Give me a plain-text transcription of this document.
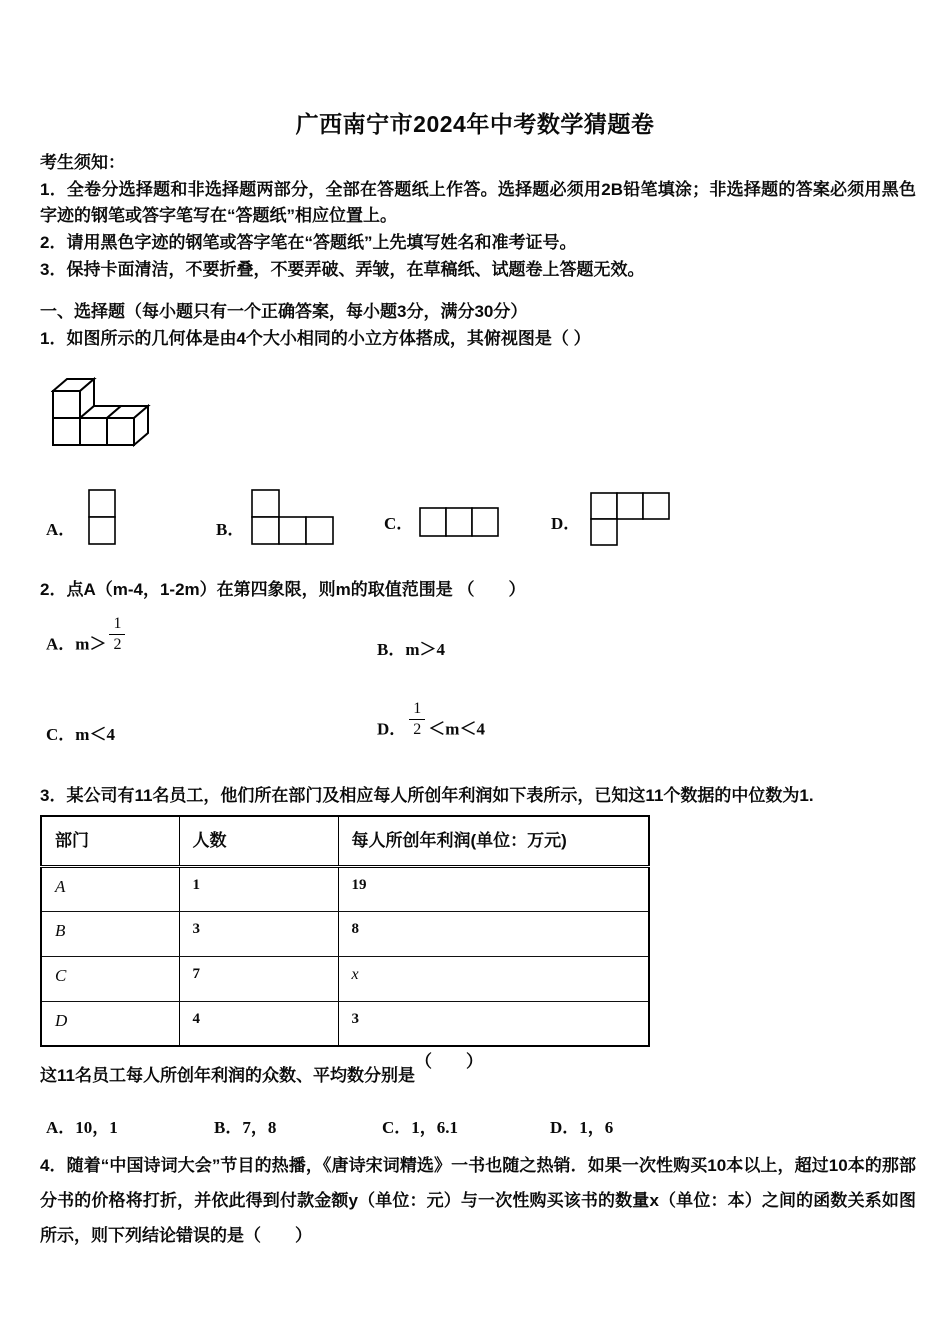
广西南宁市2024年中考数学猜题卷
考生须知：
1．全卷分选择题和非选择题两部分，全部在答题纸上作答。选择题必须用2B铅笔填涂；非选择题的答案必须用黑色字迹的钢笔或答字笔写在“答题纸”相应位置上。
2．请用黑色字迹的钢笔或答字笔在“答题纸”上先填写姓名和准考证号。
3．保持卡面清洁，不要折叠，不要弄破、弄皱，在草稿纸、试题卷上答题无效。
一、选择题（每小题只有一个正确答案，每小题3分，满分30分）
1．如图所示的几何体是由4个大小相同的小立方体搭成，其俯视图是（ ）
A．	B．	C．	D．
2．点A（m-4，1-2m）在第四象限，则m的取值范围是 （　　）
A．$m> \frac{1}{2}$	B．m＞4
C．m＜4	D． $\frac{1}{2} <m<4$
3．某公司有11名员工，他们所在部门及相应每人所创年利润如下表所示，已知这11个数据的中位数为1.
部门	人数	每人所创年利润(单位：万元)
A	1	19
B	3	8
C	7	x
D	4	3
这11名员工每人所创年利润的众数、平均数分别是（　　）
A．10，1	B．7，8	C．1，6.1	D．1，6
4．随着“中国诗词大会”节目的热播，《唐诗宋词精选》一书也随之热销．如果一次性购买10本以上，超过10本的那部分书的价格将打折，并依此得到付款金额y（单位：元）与一次性购买该书的数量x（单位：本）之间的函数关系如图所示，则下列结论错误的是（　　）
